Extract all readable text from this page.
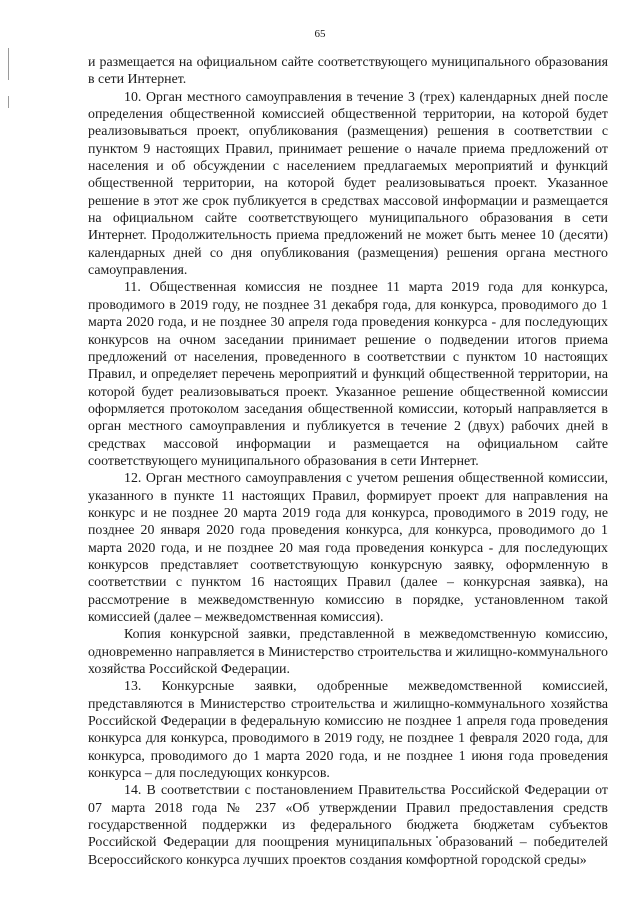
65

и размещается на официальном сайте соответствующего муниципального образования в сети Интернет.

10. Орган местного самоуправления в течение 3 (трех) календарных дней после определения общественной комиссией общественной территории, на которой будет реализовываться проект, опубликования (размещения) решения в соответствии с пунктом 9 настоящих Правил, принимает решение о начале приема предложений от населения и об обсуждении с населением предлагаемых мероприятий и функций общественной территории, на которой будет реализовываться проект. Указанное решение в этот же срок публикуется в средствах массовой информации и размещается на официальном сайте соответствующего муниципального образования в сети Интернет. Продолжительность приема предложений не может быть менее 10 (десяти) календарных дней со дня опубликования (размещения) решения органа местного самоуправления.

11. Общественная комиссия не позднее 11 марта 2019 года для конкурса, проводимого в 2019 году, не позднее 31 декабря года, для конкурса, проводимого до 1 марта 2020 года, и не позднее 30 апреля года проведения конкурса - для последующих конкурсов на очном заседании принимает решение о подведении итогов приема предложений от населения, проведенного в соответствии с пунктом 10 настоящих Правил, и определяет перечень мероприятий и функций общественной территории, на которой будет реализовываться проект. Указанное решение общественной комиссии оформляется протоколом заседания общественной комиссии, который направляется в орган местного самоуправления и публикуется в течение 2 (двух) рабочих дней в средствах массовой информации и размещается на официальном сайте соответствующего муниципального образования в сети Интернет.

12. Орган местного самоуправления с учетом решения общественной комиссии, указанного в пункте 11 настоящих Правил, формирует проект для направления на конкурс и не позднее 20 марта 2019 года для конкурса, проводимого в 2019 году, не позднее 20 января 2020 года проведения конкурса, для конкурса, проводимого до 1 марта 2020 года, и не позднее 20 мая года проведения конкурса - для последующих конкурсов представляет соответствующую конкурсную заявку, оформленную в соответствии с пунктом 16 настоящих Правил (далее – конкурсная заявка), на рассмотрение в межведомственную комиссию в порядке, установленном такой комиссией (далее – межведомственная комиссия).

Копия конкурсной заявки, представленной в межведомственную комиссию, одновременно направляется в Министерство строительства и жилищно-коммунального хозяйства Российской Федерации.

13. Конкурсные заявки, одобренные межведомственной комиссией, представляются в Министерство строительства и жилищно-коммунального хозяйства Российской Федерации в федеральную комиссию не позднее 1 апреля года проведения конкурса для конкурса, проводимого в 2019 году, не позднее 1 февраля 2020 года, для конкурса, проводимого до 1 марта 2020 года, и не позднее 1 июня года проведения конкурса – для последующих конкурсов.

14. В соответствии с постановлением Правительства Российской Федерации от 07 марта 2018 года № 237 «Об утверждении Правил предоставления средств государственной поддержки из федерального бюджета бюджетам субъектов Российской Федерации для поощрения муниципальных образований – победителей Всероссийского конкурса лучших проектов создания комфортной городской среды»
